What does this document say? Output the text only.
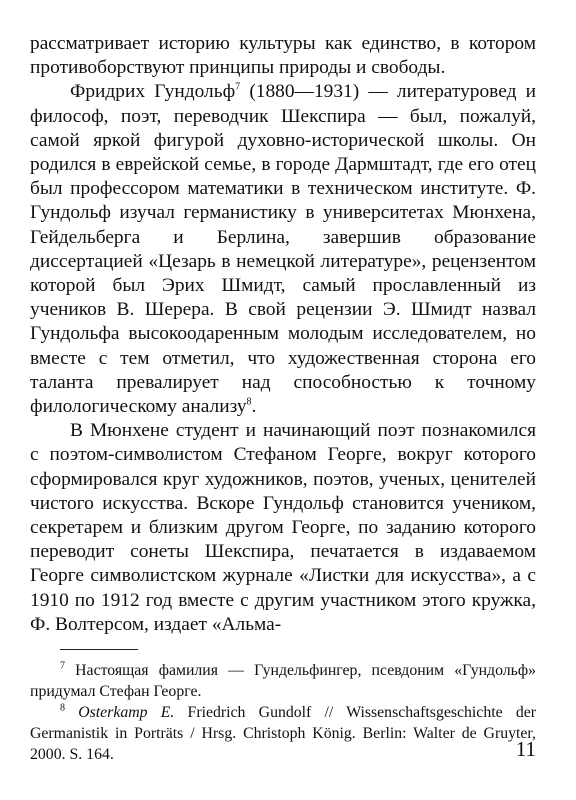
рассматривает историю культуры как единство, в котором противоборствуют принципы природы и свободы.

Фридрих Гундольф$^7$ (1880—1931) — литературовед и философ, поэт, переводчик Шекспира — был, пожалуй, самой яркой фигурой духовно-исторической школы. Он родился в еврейской семье, в городе Дармштадт, где его отец был профессором математики в техническом институте. Ф. Гундольф изучал германистику в университетах Мюнхена, Гейдельберга и Берлина, завершив образование диссертацией «Цезарь в немецкой литературе», рецензентом которой был Эрих Шмидт, самый прославленный из учеников В. Шерера. В свой рецензии Э. Шмидт назвал Гундольфа высокоодаренным молодым исследователем, но вместе с тем отметил, что художественная сторона его таланта превалирует над способностью к точному филологическому анализу$^8$.

В Мюнхене студент и начинающий поэт познакомился с поэтом-символистом Стефаном Георге, вокруг которого сформировался круг художников, поэтов, ученых, ценителей чистого искусства. Вскоре Гундольф становится учеником, секретарем и близким другом Георге, по заданию которого переводит сонеты Шекспира, печатается в издаваемом Георге символистском журнале «Листки для искусства», а с 1910 по 1912 год вместе с другим участником этого кружка, Ф. Волтерсом, издает «Альма-

$^7$ Настоящая фамилия — Гундельфингер, псевдоним «Гундольф» придумал Стефан Георге.

$^8$ Osterkamp E. Friedrich Gundolf // Wissenschaftsgeschichte der Germanistik in Porträts / Hrsg. Christoph König. Berlin: Walter de Gruyter, 2000. S. 164.	11
